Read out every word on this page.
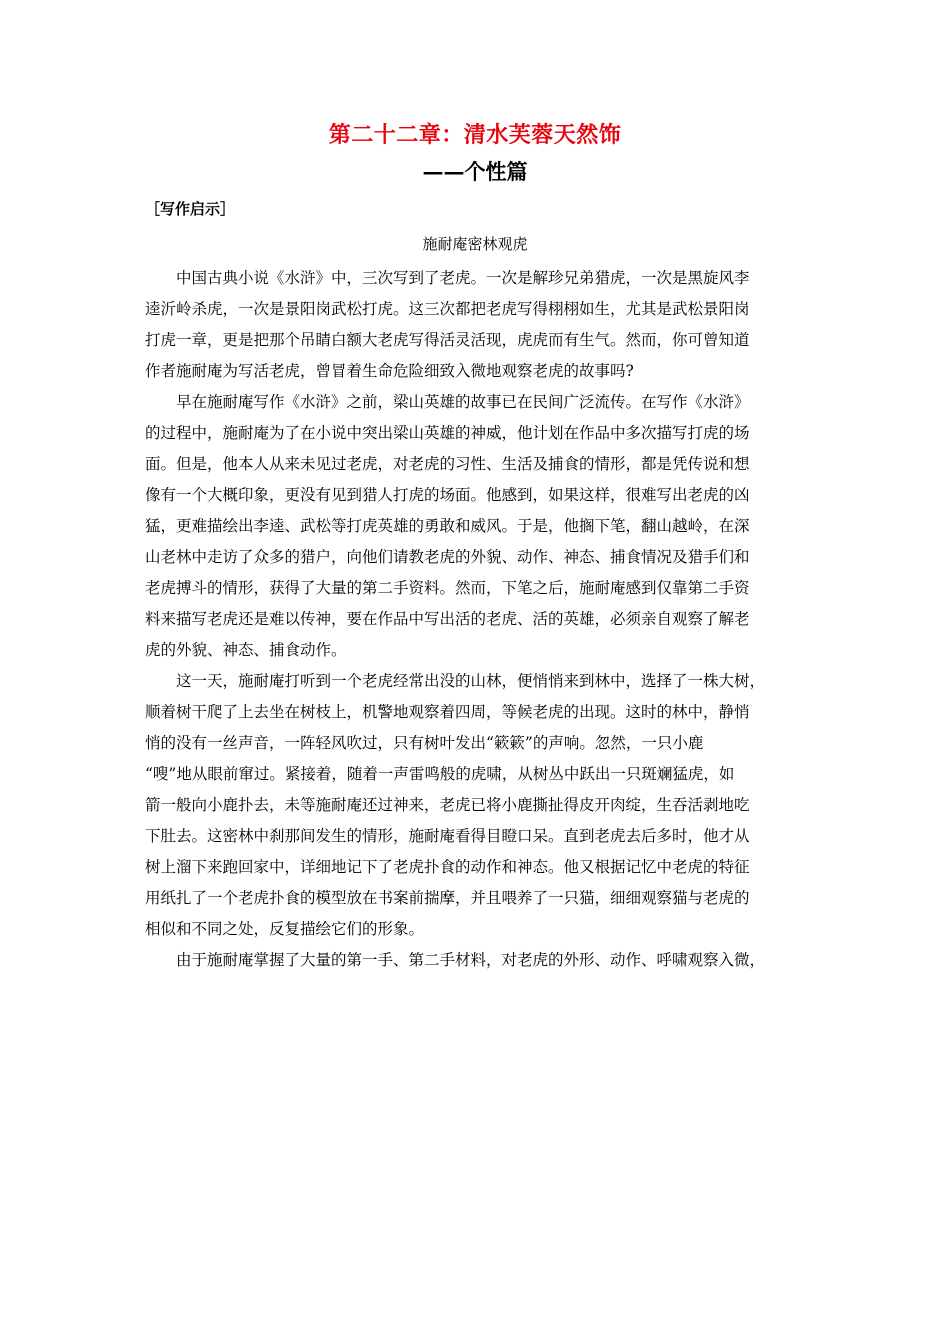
第二十二章：清水芙蓉天然饰
——个性篇
［写作启示］
施耐庵密林观虎
中国古典小说《水浒》中，三次写到了老虎。一次是解珍兄弟猎虎，一次是黑旋风李
逵沂岭杀虎，一次是景阳岗武松打虎。这三次都把老虎写得栩栩如生，尤其是武松景阳岗
打虎一章，更是把那个吊睛白额大老虎写得活灵活现，虎虎而有生气。然而，你可曾知道
作者施耐庵为写活老虎，曾冒着生命危险细致入微地观察老虎的故事吗?
早在施耐庵写作《水浒》之前，梁山英雄的故事已在民间广泛流传。在写作《水浒》
的过程中，施耐庵为了在小说中突出梁山英雄的神威，他计划在作品中多次描写打虎的场
面。但是，他本人从来未见过老虎，对老虎的习性、生活及捕食的情形，都是凭传说和想
像有一个大概印象，更没有见到猎人打虎的场面。他感到，如果这样，很难写出老虎的凶
猛，更难描绘出李逵、武松等打虎英雄的勇敢和威风。于是，他搁下笔，翻山越岭，在深
山老林中走访了众多的猎户，向他们请教老虎的外貌、动作、神态、捕食情况及猎手们和
老虎搏斗的情形，获得了大量的第二手资料。然而，下笔之后，施耐庵感到仅靠第二手资
料来描写老虎还是难以传神，要在作品中写出活的老虎、活的英雄，必须亲自观察了解老
虎的外貌、神态、捕食动作。
这一天，施耐庵打听到一个老虎经常出没的山林，便悄悄来到林中，选择了一株大树，
顺着树干爬了上去坐在树枝上，机警地观察着四周，等候老虎的出现。这时的林中，静悄
悄的没有一丝声音，一阵轻风吹过，只有树叶发出“簌簌”的声响。忽然，一只小鹿
“嗖”地从眼前窜过。紧接着，随着一声雷鸣般的虎啸，从树丛中跃出一只斑斓猛虎，如
箭一般向小鹿扑去，未等施耐庵还过神来，老虎已将小鹿撕扯得皮开肉绽，生吞活剥地吃
下肚去。这密林中刹那间发生的情形，施耐庵看得目瞪口呆。直到老虎去后多时，他才从
树上溜下来跑回家中，详细地记下了老虎扑食的动作和神态。他又根据记忆中老虎的特征
用纸扎了一个老虎扑食的模型放在书案前揣摩，并且喂养了一只猫，细细观察猫与老虎的
相似和不同之处，反复描绘它们的形象。
由于施耐庵掌握了大量的第一手、第二手材料，对老虎的外形、动作、呼啸观察入微，
